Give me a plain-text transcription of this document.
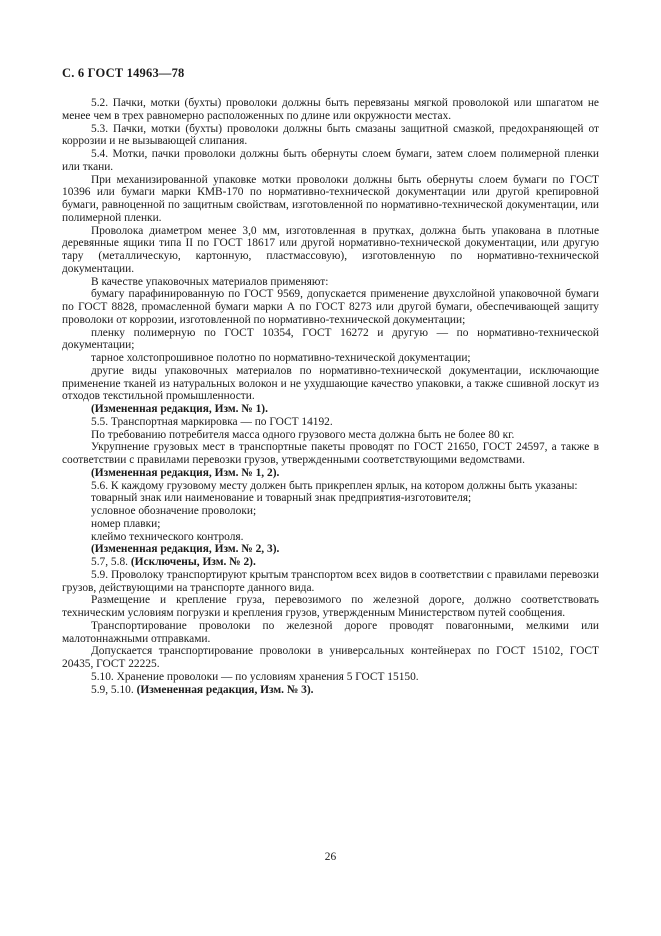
С. 6 ГОСТ 14963—78

5.2. Пачки, мотки (бухты) проволоки должны быть перевязаны мягкой проволокой или шпагатом не менее чем в трех равномерно расположенных по длине или окружности местах.

5.3. Пачки, мотки (бухты) проволоки должны быть смазаны защитной смазкой, предохраняющей от коррозии и не вызывающей слипания.

5.4. Мотки, пачки проволоки должны быть обернуты слоем бумаги, затем слоем полимерной пленки или ткани.

При механизированной упаковке мотки проволоки должны быть обернуты слоем бумаги по ГОСТ 10396 или бумаги марки КМВ-170 по нормативно-технической документации или другой крепировной бумаги, равноценной по защитным свойствам, изготовленной по нормативно-технической документации, или полимерной пленки.

Проволока диаметром менее 3,0 мм, изготовленная в прутках, должна быть упакована в плотные деревянные ящики типа II по ГОСТ 18617 или другой нормативно-технической документации, или другую тару (металлическую, картонную, пластмассовую), изготовленную по нормативно-технической документации.

В качестве упаковочных материалов применяют:

бумагу парафинированную по ГОСТ 9569, допускается применение двухслойной упаковочной бумаги по ГОСТ 8828, промасленной бумаги марки А по ГОСТ 8273 или другой бумаги, обеспечивающей защиту проволоки от коррозии, изготовленной по нормативно-технической документации;

пленку полимерную по ГОСТ 10354, ГОСТ 16272 и другую — по нормативно-технической документации;

тарное холстопрошивное полотно по нормативно-технической документации;

другие виды упаковочных материалов по нормативно-технической документации, исключающие применение тканей из натуральных волокон и не ухудшающие качество упаковки, а также сшивной лоскут из отходов текстильной промышленности.

(Измененная редакция, Изм. № 1).

5.5. Транспортная маркировка — по ГОСТ 14192.

По требованию потребителя масса одного грузового места должна быть не более 80 кг.

Укрупнение грузовых мест в транспортные пакеты проводят по ГОСТ 21650, ГОСТ 24597, а также в соответствии с правилами перевозки грузов, утвержденными соответствующими ведомствами.

(Измененная редакция, Изм. № 1, 2).

5.6. К каждому грузовому месту должен быть прикреплен ярлык, на котором должны быть указаны:

товарный знак или наименование и товарный знак предприятия-изготовителя;

условное обозначение проволоки;

номер плавки;

клеймо технического контроля.

(Измененная редакция, Изм. № 2, 3).

5.7, 5.8. (Исключены, Изм. № 2).

5.9. Проволоку транспортируют крытым транспортом всех видов в соответствии с правилами перевозки грузов, действующими на транспорте данного вида.

Размещение и крепление груза, перевозимого по железной дороге, должно соответствовать техническим условиям погрузки и крепления грузов, утвержденным Министерством путей сообщения.

Транспортирование проволоки по железной дороге проводят повагонными, мелкими или малотоннажными отправками.

Допускается транспортирование проволоки в универсальных контейнерах по ГОСТ 15102, ГОСТ 20435, ГОСТ 22225.

5.10. Хранение проволоки — по условиям хранения 5 ГОСТ 15150.

5.9, 5.10. (Измененная редакция, Изм. № 3).

26
